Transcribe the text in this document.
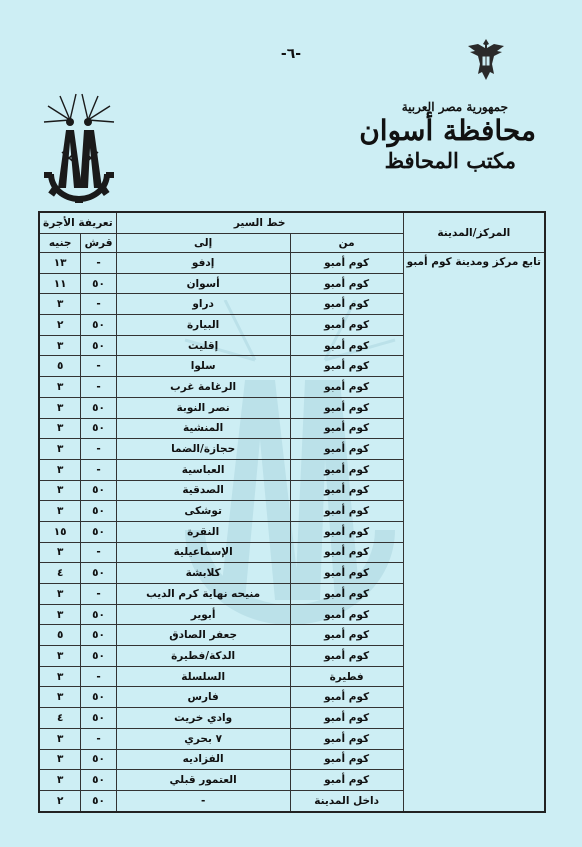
-٦-
جمهورية مصر العربية
محافظة أسوان
مكتب المحافظ
المركز/المدينة	خط السير		تعريفة الأجرة	
	من	إلى	قرش	جنيه
تابع مركز ومدينة كوم أمبو	كوم أمبو	إدفو	-	١٣
	كوم أمبو	أسوان	٥٠	١١
	كوم أمبو	دراو	-	٣
	كوم أمبو	البيارة	٥٠	٢
	كوم أمبو	إقليت	٥٠	٣
	كوم أمبو	سلوا	-	٥
	كوم أمبو	الرغامة غرب	-	٣
	كوم أمبو	نصر النوبة	٥٠	٣
	كوم أمبو	المنشية	٥٠	٣
	كوم أمبو	حجازة/الضما	-	٣
	كوم أمبو	العباسية	-	٣
	كوم أمبو	الصدقية	٥٠	٣
	كوم أمبو	توشكى	٥٠	٣
	كوم أمبو	النقرة	٥٠	١٥
	كوم أمبو	الإسماعيلية	-	٣
	كوم أمبو	كلابشة	٥٠	٤
	كوم أمبو	منيحه نهاية كرم الديب	-	٣
	كوم أمبو	أبوير	٥٠	٣
	كوم أمبو	جعفر الصادق	٥٠	٥
	كوم أمبو	الدكة/فطيرة	٥٠	٣
	فطيرة	السلسلة	-	٣
	كوم أمبو	فارس	٥٠	٣
	كوم أمبو	وادي خريت	٥٠	٤
	كوم أمبو	٧ بحري	-	٣
	كوم أمبو	الفزاديه	٥٠	٣
	كوم أمبو	العتمور قبلي	٥٠	٣
	داخل المدينة	-	٥٠	٢
